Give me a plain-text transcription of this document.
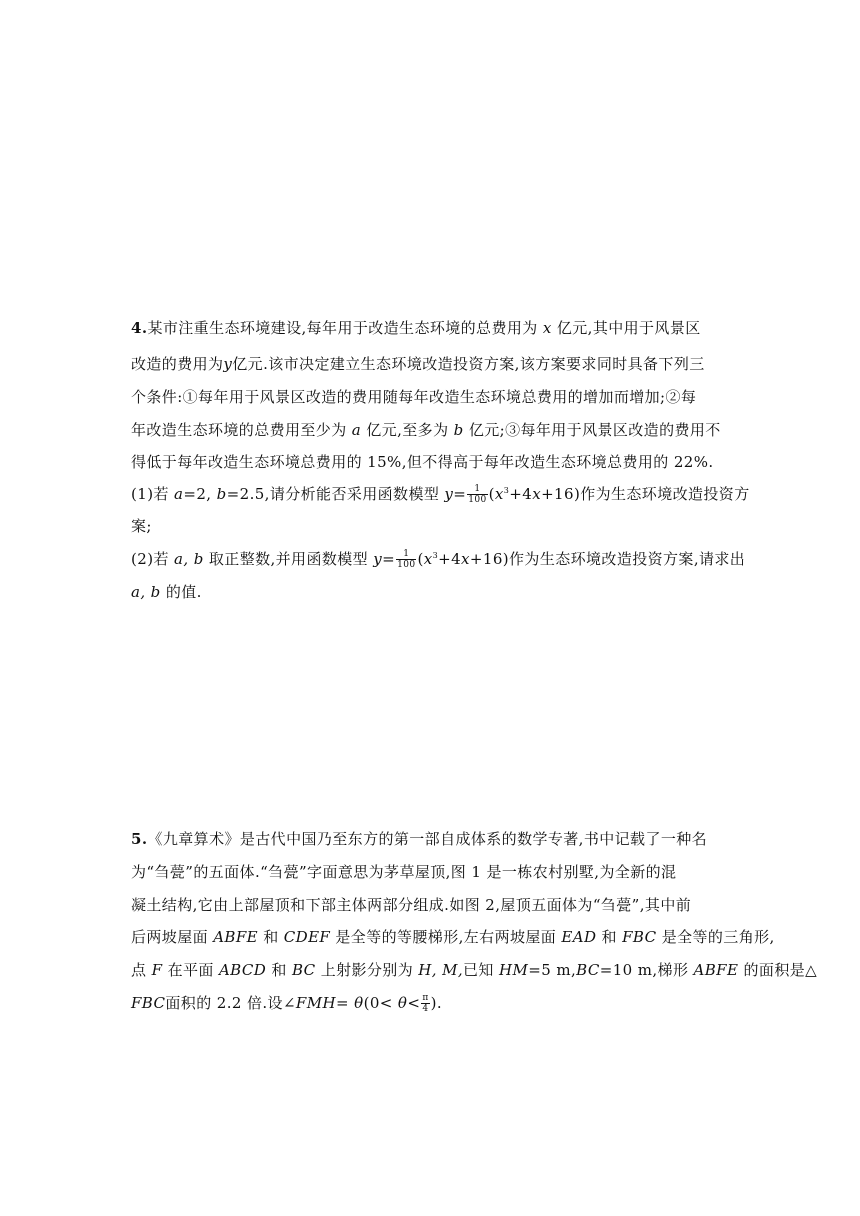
4.某市注重生态环境建设,每年用于改造生态环境的总费用为 x 亿元,其中用于风景区
改造的费用为y亿元.该市决定建立生态环境改造投资方案,该方案要求同时具备下列三
个条件:①每年用于风景区改造的费用随每年改造生态环境总费用的增加而增加;②每
年改造生态环境的总费用至少为 a 亿元,至多为 b 亿元;③每年用于风景区改造的费用不
得低于每年改造生态环境总费用的 15%,但不得高于每年改造生态环境总费用的 22%.
(1)若 a=2, b=2.5,请分析能否采用函数模型 $y= \frac{1}{100} (x^3+4x+16)$作为生态环境改造投资方
案;
(2)若 a, b 取正整数,并用函数模型 $y= \frac{1}{100} (x^3+4x+16)$作为生态环境改造投资方案,请求出
a, b 的值.
5.《九章算术》是古代中国乃至东方的第一部自成体系的数学专著,书中记载了一种名
为“刍甍”的五面体.“刍甍”字面意思为茅草屋顶,图 1 是一栋农村别墅,为全新的混
凝土结构,它由上部屋顶和下部主体两部分组成.如图 2,屋顶五面体为“刍甍”,其中前
后两坡屋面 ABFE 和 CDEF 是全等的等腰梯形,左右两坡屋面 EAD 和 FBC 是全等的三角形,
点 F 在平面 ABCD 和 BC 上射影分别为 H, M,已知 HM=5 m,BC=10 m,梯形 ABFE 的面积是△
FBC面积的 2.2 倍.设∠FMH= $\theta(0< \theta< \frac{\pi}{4}$ ).
